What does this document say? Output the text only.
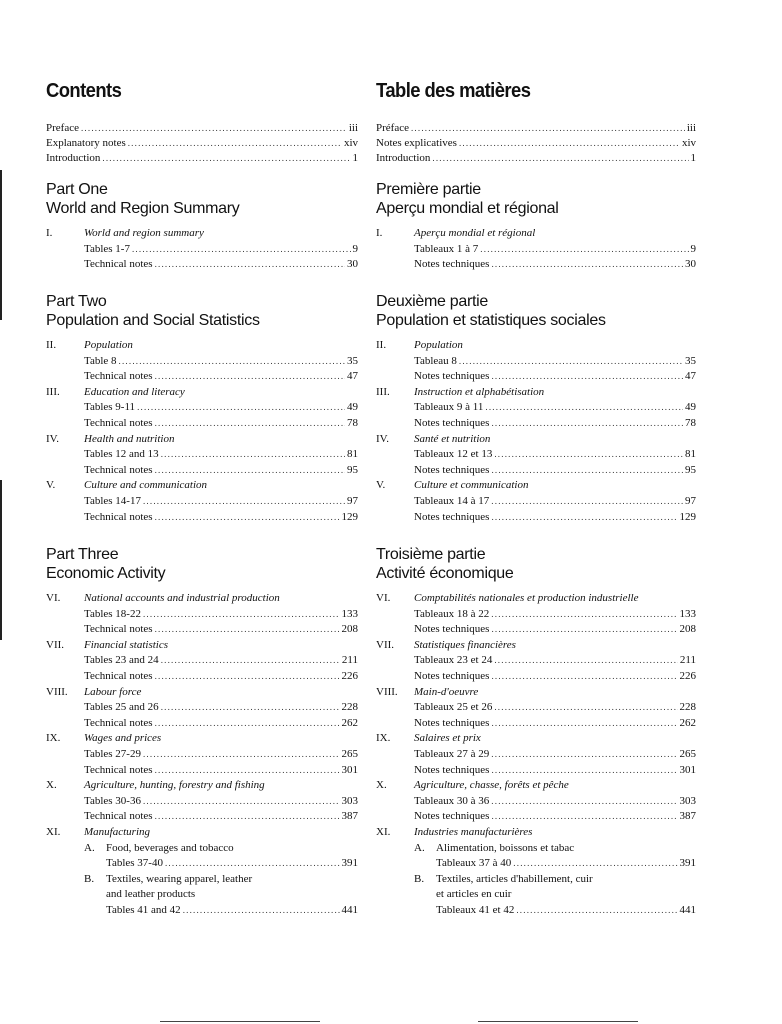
Contents
Preface .....	iii
Explanatory notes .....	xiv
Introduction .....	1
Part One
World and Region Summary
I.	World and region summary
Tables 1-7 .....	9
Technical notes .....	30
Part Two
Population and Social Statistics
II.	Population
Table 8 .....	35
Technical notes .....	47
III.	Education and literacy
Tables 9-11 .....	49
Technical notes .....	78
IV.	Health and nutrition
Tables 12 and 13 .....	81
Technical notes .....	95
V.	Culture and communication
Tables 14-17 .....	97
Technical notes .....	129
Part Three
Economic Activity
VI.	National accounts and industrial production
Tables 18-22 .....	133
Technical notes .....	208
VII.	Financial statistics
Tables 23 and 24 .....	211
Technical notes .....	226
VIII.	Labour force
Tables 25 and 26 .....	228
Technical notes .....	262
IX.	Wages and prices
Tables 27-29 .....	265
Technical notes .....	301
X.	Agriculture, hunting, forestry and fishing
Tables 30-36 .....	303
Technical notes .....	387
XI.	Manufacturing
A.	Food, beverages and tobacco
Tables 37-40 .....	391
B.	Textiles, wearing apparel, leather
and leather products
Tables 41 and 42 .....	441
Table des matières
Préface .....	iii
Notes explicatives .....	xiv
Introduction .....	1
Première partie
Aperçu mondial et régional
I.	Aperçu mondial et régional
Tableaux 1 à 7 .....	9
Notes techniques .....	30
Deuxième partie
Population et statistiques sociales
II.	Population
Tableau 8 .....	35
Notes techniques .....	47
III.	Instruction et alphabétisation
Tableaux 9 à 11 .....	49
Notes techniques .....	78
IV.	Santé et nutrition
Tableaux 12 et 13 .....	81
Notes techniques .....	95
V.	Culture et communication
Tableaux 14 à 17 .....	97
Notes techniques .....	129
Troisième partie
Activité économique
VI.	Comptabilités nationales et production industrielle
Tableaux 18 à 22 .....	133
Notes techniques .....	208
VII.	Statistiques financières
Tableaux 23 et 24 .....	211
Notes techniques .....	226
VIII.	Main-d'oeuvre
Tableaux 25 et 26 .....	228
Notes techniques .....	262
IX.	Salaires et prix
Tableaux 27 à 29 .....	265
Notes techniques .....	301
X.	Agriculture, chasse, forêts et pêche
Tableaux 30 à 36 .....	303
Notes techniques .....	387
XI.	Industries manufacturières
A.	Alimentation, boissons et tabac
Tableaux 37 à 40 .....	391
B.	Textiles, articles d'habillement, cuir
et articles en cuir
Tableaux 41 et 42 .....	441
